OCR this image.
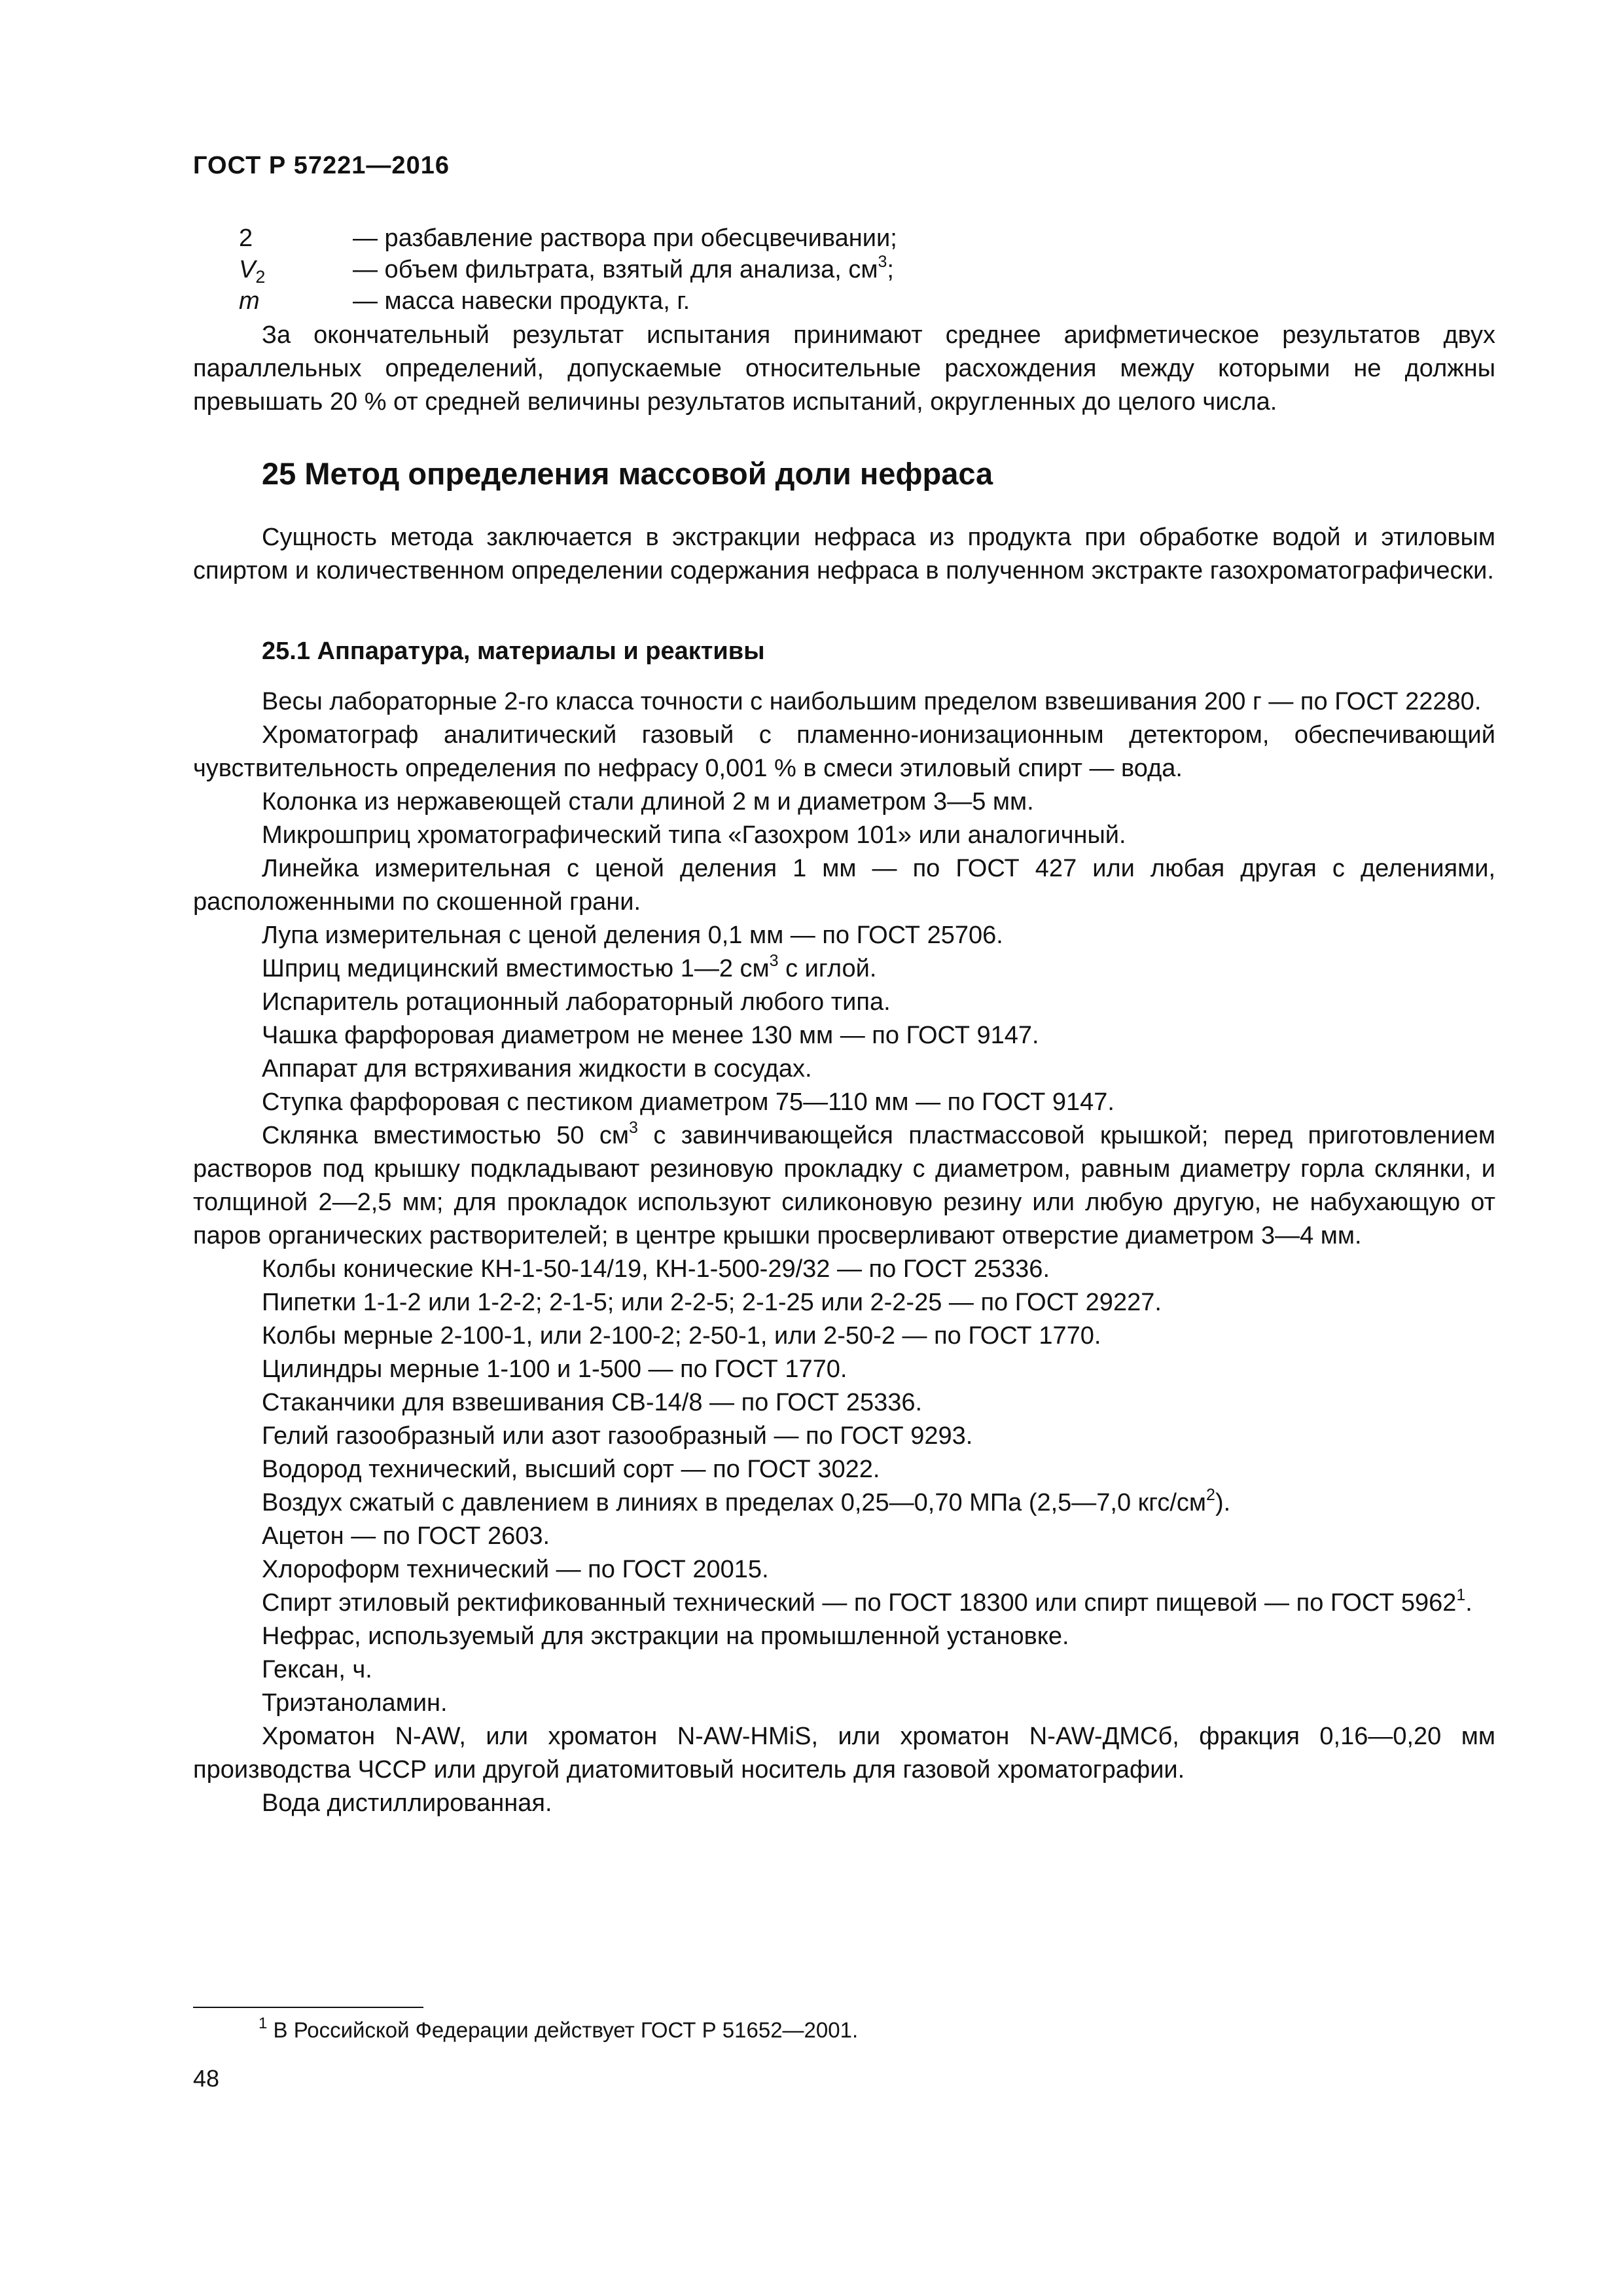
ГОСТ Р 57221—2016
2	— разбавление раствора при обесцвечивании;
$V_2$	— объем фильтрата, взятый для анализа, $см^3$;
m	— масса навески продукта, г.

За окончательный результат испытания принимают среднее арифметическое результатов двух параллельных определений, допускаемые относительные расхождения между которыми не должны превышать 20 % от средней величины результатов испытаний, округленных до целого числа.

25 Метод определения массовой доли нефраса

Сущность метода заключается в экстракции нефраса из продукта при обработке водой и этиловым спиртом и количественном определении содержания нефраса в полученном экстракте газохроматографически.

25.1 Аппаратура, материалы и реактивы

Весы лабораторные 2-го класса точности с наибольшим пределом взвешивания 200 г — по ГОСТ 22280.

Хроматограф аналитический газовый с пламенно-ионизационным детектором, обеспечивающий чувствительность определения по нефрасу 0,001 % в смеси этиловый спирт — вода.

Колонка из нержавеющей стали длиной 2 м и диаметром 3—5 мм.

Микрошприц хроматографический типа «Газохром 101» или аналогичный.

Линейка измерительная с ценой деления 1 мм — по ГОСТ 427 или любая другая с делениями, расположенными по скошенной грани.

Лупа измерительная с ценой деления 0,1 мм — по ГОСТ 25706.

Шприц медицинский вместимостью 1—2 $см^3$ с иглой.

Испаритель ротационный лабораторный любого типа.

Чашка фарфоровая диаметром не менее 130 мм — по ГОСТ 9147.

Аппарат для встряхивания жидкости в сосудах.

Ступка фарфоровая с пестиком диаметром 75—110 мм — по ГОСТ 9147.

Склянка вместимостью 50 $см^3$ с завинчивающейся пластмассовой крышкой; перед приготовлением растворов под крышку подкладывают резиновую прокладку с диаметром, равным диаметру горла склянки, и толщиной 2—2,5 мм; для прокладок используют силиконовую резину или любую другую, не набухающую от паров органических растворителей; в центре крышки просверливают отверстие диаметром 3—4 мм.

Колбы конические КН-1-50-14/19, КН-1-500-29/32 — по ГОСТ 25336.

Пипетки 1-1-2 или 1-2-2; 2-1-5; или 2-2-5; 2-1-25 или 2-2-25 — по ГОСТ 29227.

Колбы мерные 2-100-1, или 2-100-2; 2-50-1, или 2-50-2 — по ГОСТ 1770.

Цилиндры мерные 1-100 и 1-500 — по ГОСТ 1770.

Стаканчики для взвешивания СВ-14/8 — по ГОСТ 25336.

Гелий газообразный или азот газообразный — по ГОСТ 9293.

Водород технический, высший сорт — по ГОСТ 3022.

Воздух сжатый с давлением в линиях в пределах 0,25—0,70 МПа (2,5—7,0 кгс/$см^2$).

Ацетон — по ГОСТ 2603.

Хлороформ технический — по ГОСТ 20015.

Спирт этиловый ректификованный технический — по ГОСТ 18300 или спирт пищевой — по ГОСТ 5962$^1$.

Нефрас, используемый для экстракции на промышленной установке.

Гексан, ч.

Триэтаноламин.

Хроматон N-AW, или хроматон N-AW-HMiS, или хроматон N-AW-ДМСб, фракция 0,16—0,20 мм производства ЧССР или другой диатомитовый носитель для газовой хроматографии.

Вода дистиллированная.

$^1$ В Российской Федерации действует ГОСТ Р 51652—2001.
48
